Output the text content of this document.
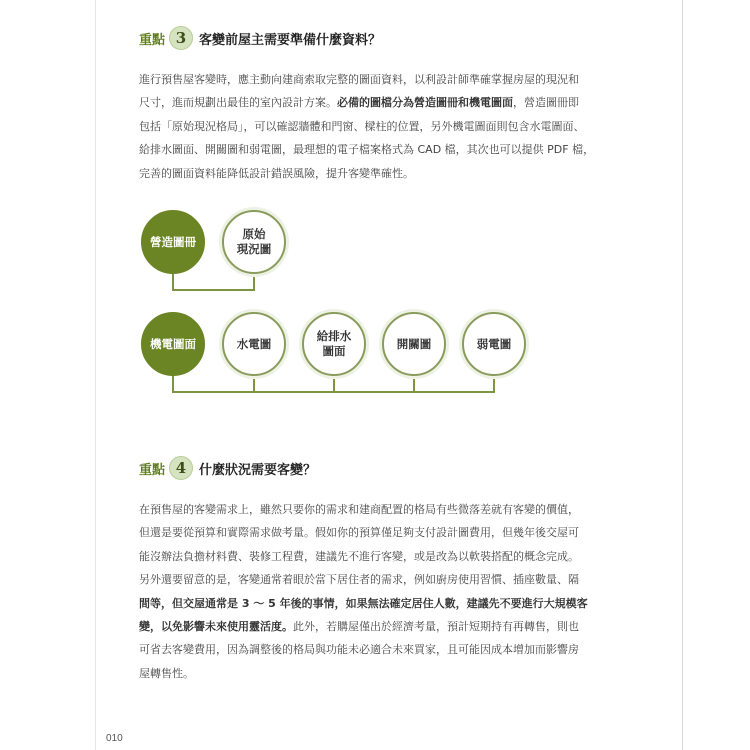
重點 3 客變前屋主需要準備什麼資料？
進行預售屋客變時，應主動向建商索取完整的圖面資料，以利設計師準確掌握房屋的現況和
尺寸，進而規劃出最佳的室內設計方案。必備的圖檔分為營造圖冊和機電圖面，營造圖冊即
包括「原始現況格局」，可以確認牆體和門窗、樑柱的位置，另外機電圖面則包含水電圖面、
給排水圖面、開關圖和弱電圖，最理想的電子檔案格式為 CAD 檔，其次也可以提供 PDF 檔，
完善的圖面資料能降低設計錯誤風險，提升客變準確性。
營造圖冊
原始
現況圖
機電圖面	水電圖
給排水
圖面
開關圖	弱電圖
重點 4 什麼狀況需要客變？
在預售屋的客變需求上，雖然只要你的需求和建商配置的格局有些微落差就有客變的價值，
但還是要從預算和實際需求做考量。假如你的預算僅足夠支付設計圖費用，但幾年後交屋可
能沒辦法負擔材料費、裝修工程費，建議先不進行客變，或是改為以軟裝搭配的概念完成。
另外還要留意的是，客變通常着眼於當下居住者的需求，例如廚房使用習慣、插座數量、隔
間等，但交屋通常是 3 ～ 5 年後的事情，如果無法確定居住人數，建議先不要進行大規模客
變，以免影響未來使用靈活度。此外，若購屋僅出於經濟考量，預計短期持有再轉售，則也
可省去客變費用，因為調整後的格局與功能未必適合未來買家，且可能因成本增加而影響房
屋轉售性。
010
